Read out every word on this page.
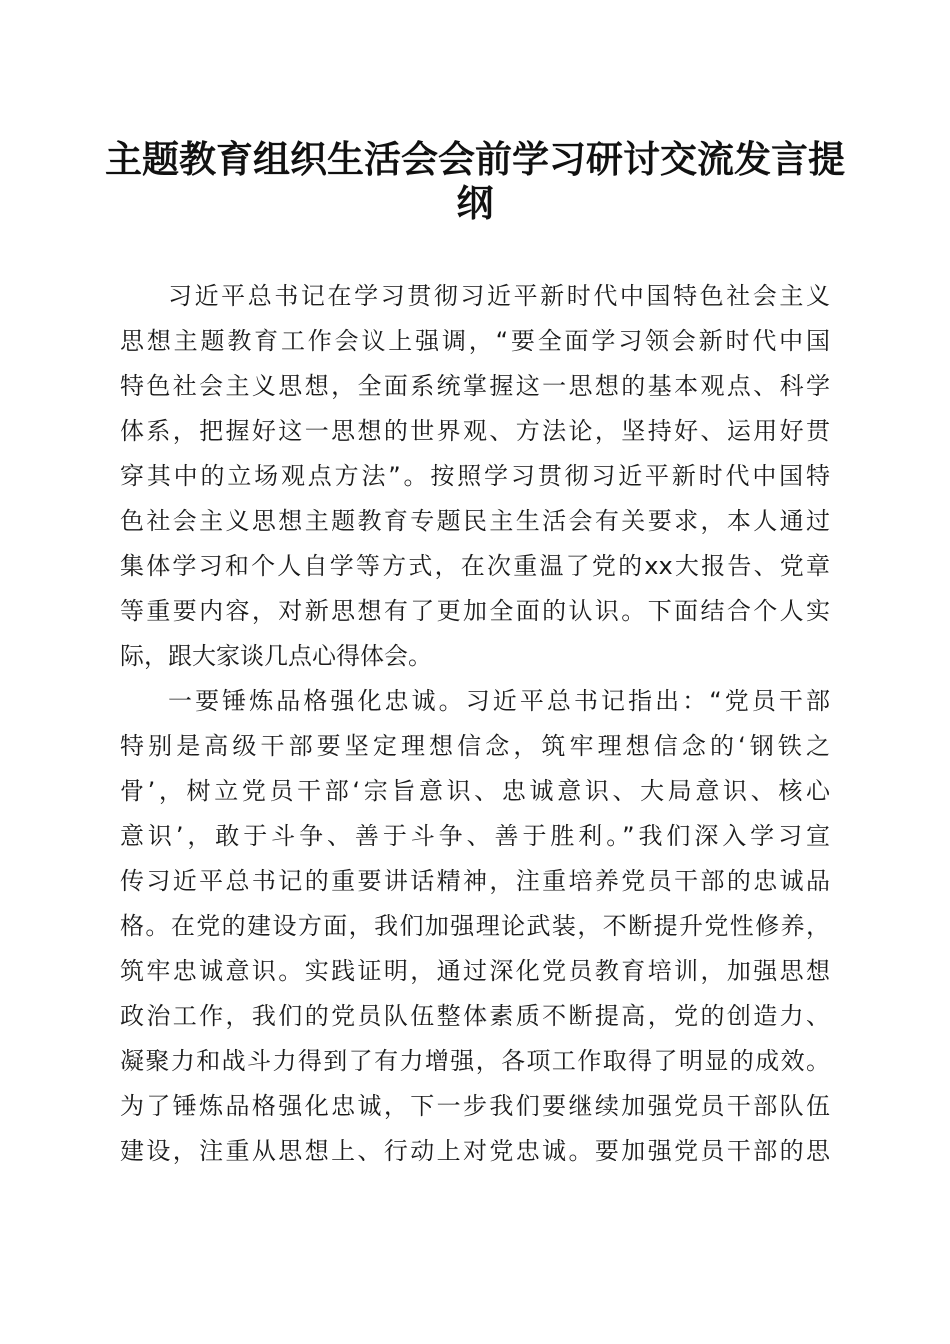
主题教育组织生活会会前学习研讨交流发言提
纲
习近平总书记在学习贯彻习近平新时代中国特色社会主义
思想主题教育工作会议上强调，“要全面学习领会新时代中国
特色社会主义思想，全面系统掌握这一思想的基本观点、科学
体系，把握好这一思想的世界观、方法论，坚持好、运用好贯
穿其中的立场观点方法”。按照学习贯彻习近平新时代中国特
色社会主义思想主题教育专题民主生活会有关要求，本人通过
集体学习和个人自学等方式，在次重温了党的xx大报告、党章
等重要内容，对新思想有了更加全面的认识。下面结合个人实
际，跟大家谈几点心得体会。
一要锤炼品格强化忠诚。习近平总书记指出：“党员干部
特别是高级干部要坚定理想信念，筑牢理想信念的‘钢铁之
骨’，树立党员干部‘宗旨意识、忠诚意识、大局意识、核心
意识’，敢于斗争、善于斗争、善于胜利。”我们深入学习宣
传习近平总书记的重要讲话精神，注重培养党员干部的忠诚品
格。在党的建设方面，我们加强理论武装，不断提升党性修养，
筑牢忠诚意识。实践证明，通过深化党员教育培训，加强思想
政治工作，我们的党员队伍整体素质不断提高，党的创造力、
凝聚力和战斗力得到了有力增强，各项工作取得了明显的成效。
为了锤炼品格强化忠诚，下一步我们要继续加强党员干部队伍
建设，注重从思想上、行动上对党忠诚。要加强党员干部的思
